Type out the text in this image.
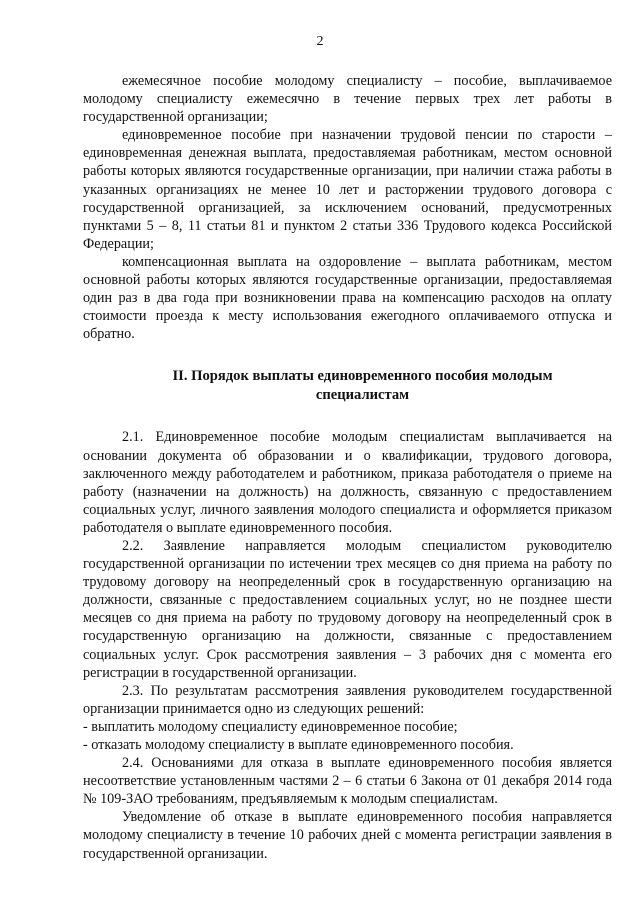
2

ежемесячное пособие молодому специалисту – пособие, выплачиваемое молодому специалисту ежемесячно в течение первых трех лет работы в государственной организации;

единовременное пособие при назначении трудовой пенсии по старости – единовременная денежная выплата, предоставляемая работникам, местом основной работы которых являются государственные организации, при наличии стажа работы в указанных организациях не менее 10 лет и расторжении трудового договора с государственной организацией, за исключением оснований, предусмотренных пунктами 5 – 8, 11 статьи 81 и пунктом 2 статьи 336 Трудового кодекса Российской Федерации;

компенсационная выплата на оздоровление – выплата работникам, местом основной работы которых являются государственные организации, предоставляемая один раз в два года при возникновении права на компенсацию расходов на оплату стоимости проезда к месту использования ежегодного оплачиваемого отпуска и обратно.

II. Порядок выплаты единовременного пособия молодым

специалистам

2.1. Единовременное пособие молодым специалистам выплачивается на основании документа об образовании и о квалификации, трудового договора, заключенного между работодателем и работником, приказа работодателя о приеме на работу (назначении на должность) на должность, связанную с предоставлением социальных услуг, личного заявления молодого специалиста и оформляется приказом работодателя о выплате единовременного пособия.

2.2. Заявление направляется молодым специалистом руководителю государственной организации по истечении трех месяцев со дня приема на работу по трудовому договору на неопределенный срок в государственную организацию на должности, связанные с предоставлением социальных услуг, но не позднее шести месяцев со дня приема на работу по трудовому договору на неопределенный срок в государственную организацию на должности, связанные с предоставлением социальных услуг. Срок рассмотрения заявления – 3 рабочих дня с момента его регистрации в государственной организации.

2.3. По результатам рассмотрения заявления руководителем государственной организации принимается одно из следующих решений:

- выплатить молодому специалисту единовременное пособие;

- отказать молодому специалисту в выплате единовременного пособия.

2.4. Основаниями для отказа в выплате единовременного пособия является несоответствие установленным частями 2 – 6 статьи 6 Закона от 01 декабря 2014 года № 109-ЗАО требованиям, предъявляемым к молодым специалистам.

Уведомление об отказе в выплате единовременного пособия направляется молодому специалисту в течение 10 рабочих дней с момента регистрации заявления в государственной организации.
